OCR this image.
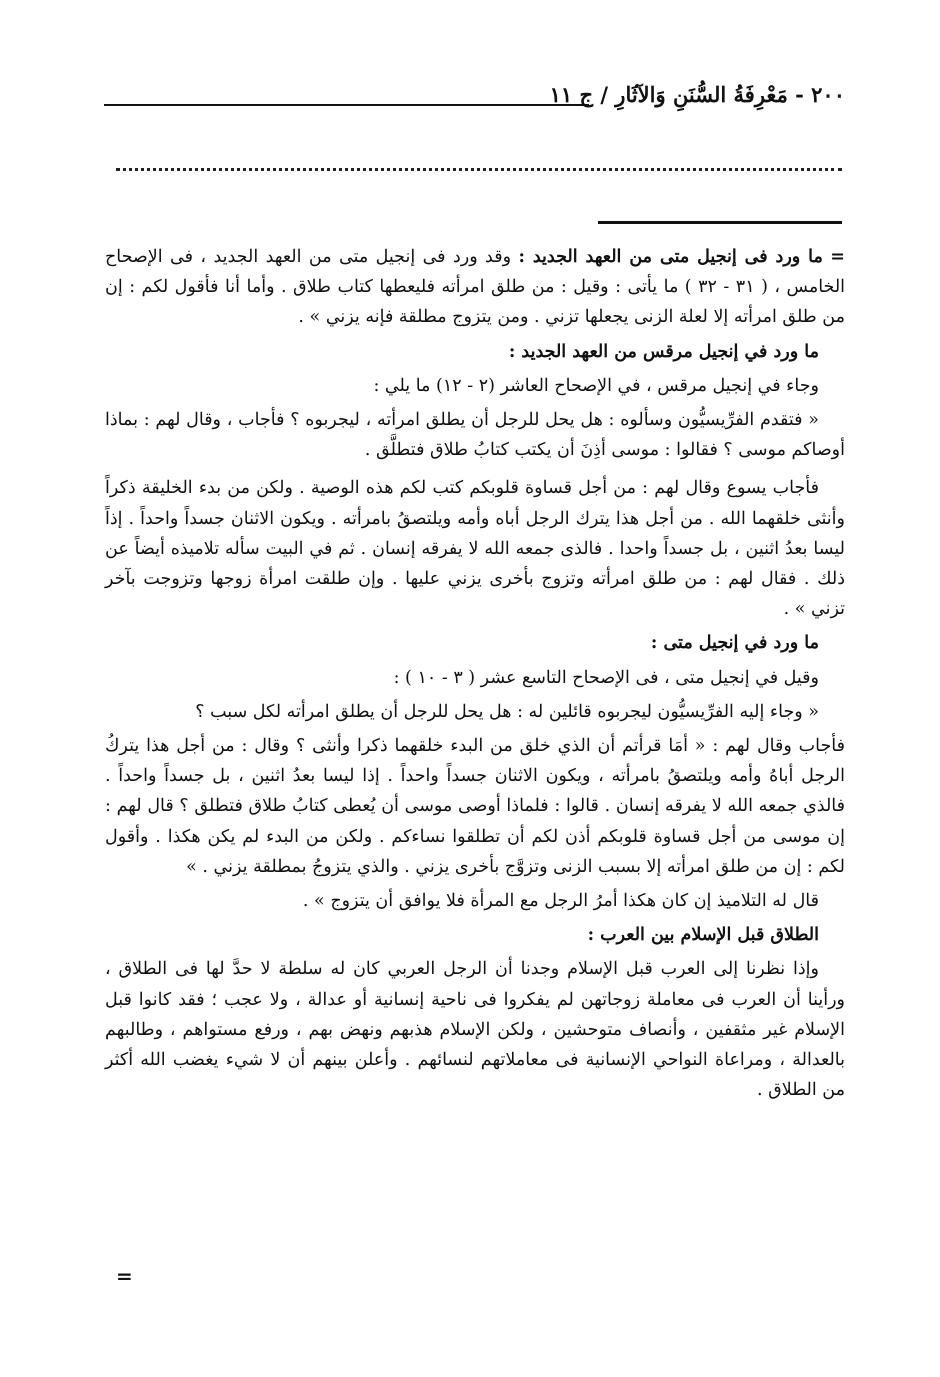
٢٠٠ - مَعْرِفَةُ السُّنَنِ وَالآثَارِ / ج ١١

= ما ورد فى إنجيل متى من العهد الجديد : وقد ورد فى إنجيل متى من العهد الجديد ، فى الإصحاح الخامس ، ( ٣١ - ٣٢ ) ما يأتى : وقيل : من طلق امرأته فليعطها كتاب طلاق . وأما أنا فأقول لكم : إن من طلق امرأته إلا لعلة الزنى يجعلها تزني . ومن يتزوج مطلقة فإنه يزني » .

ما ورد في إنجيل مرقس من العهد الجديد :

وجاء في إنجيل مرقس ، في الإصحاح العاشر (٢ - ١٢) ما يلي :

« فتقدم الفرِّيسيُّون وسألوه : هل يحل للرجل أن يطلق امرأته ، ليجربوه ؟ فأجاب ، وقال لهم : بماذا أوصاكم موسى ؟ فقالوا : موسى أذِنَ أن يكتب كتابُ طلاق فتطلَّق .

فأجاب يسوع وقال لهم : من أجل قساوة قلوبكم كتب لكم هذه الوصية . ولكن من بدء الخليقة ذكراً وأنثى خلقهما الله . من أجل هذا يترك الرجل أباه وأمه ويلتصقُ بامرأته . ويكون الاثنان جسداً واحداً . إذاً ليسا بعدُ اثنين ، بل جسداً واحدا . فالذى جمعه الله لا يفرقه إنسان . ثم في البيت سأله تلاميذه أيضاً عن ذلك . فقال لهم : من طلق امرأته وتزوج بأخرى يزني عليها . وإن طلقت امرأة زوجها وتزوجت بآخر تزني » .

ما ورد في إنجيل متى :

وقيل في إنجيل متى ، فى الإصحاح التاسع عشر ( ٣ - ١٠ ) :

« وجاء إليه الفرِّيسيُّون ليجربوه قائلين له : هل يحل للرجل أن يطلق امرأته لكل سبب ؟

فأجاب وقال لهم : « أمَا قرأتم أن الذي خلق من البدء خلقهما ذكرا وأنثى ؟ وقال : من أجل هذا يتركُ الرجل أباهُ وأمه ويلتصقُ بامرأته ، ويكون الاثنان جسداً واحداً . إذا ليسا بعدُ اثنين ، بل جسداً واحداً . فالذي جمعه الله لا يفرقه إنسان . قالوا : فلماذا أوصى موسى أن يُعطى كتابُ طلاق فتطلق ؟ قال لهم : إن موسى من أجل قساوة قلوبكم أذن لكم أن تطلقوا نساءكم . ولكن من البدء لم يكن هكذا . وأقول لكم : إن من طلق امرأته إلا بسبب الزنى وتزوَّج بأخرى يزني . والذي يتزوجُ بمطلقة يزني . »

قال له التلاميذ إن كان هكذا أمرُ الرجل مع المرأة فلا يوافق أن يتزوج » .

الطلاق قبل الإسلام بين العرب :

وإذا نظرنا إلى العرب قبل الإسلام وجدنا أن الرجل العربي كان له سلطة لا حدَّ لها فى الطلاق ، ورأينا أن العرب فى معاملة زوجاتهن لم يفكروا فى ناحية إنسانية أو عدالة ، ولا عجب ؛ فقد كانوا قبل الإسلام غير مثقفين ، وأنصاف متوحشين ، ولكن الإسلام هذبهم ونهض بهم ، ورفع مستواهم ، وطالبهم بالعدالة ، ومراعاة النواحي الإنسانية فى معاملاتهم لنسائهم . وأعلن بينهم أن لا شيء يغضب الله أكثر من الطلاق .

=
